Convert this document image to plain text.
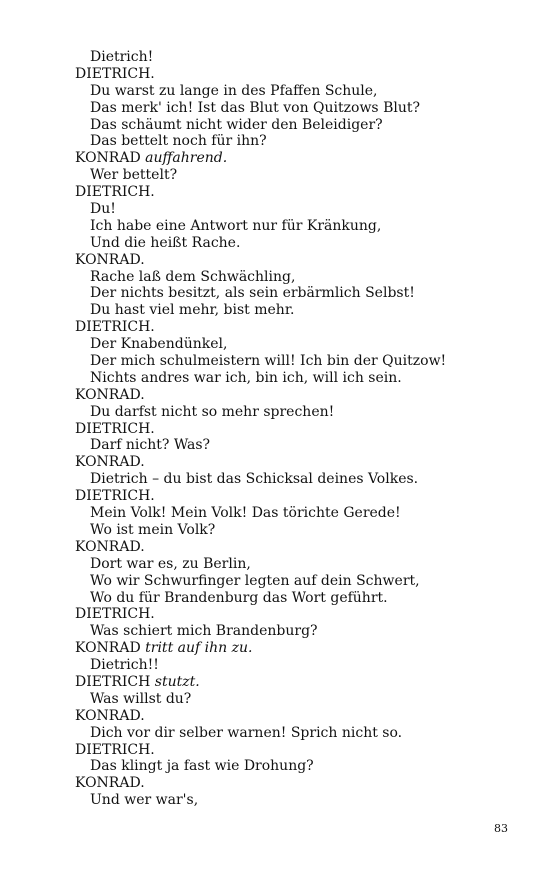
Dietrich!
DIETRICH.
Du warst zu lange in des Pfaffen Schule,
Das merk' ich! Ist das Blut von Quitzows Blut?
Das schäumt nicht wider den Beleidiger?
Das bettelt noch für ihn?
KONRAD auffahrend.
Wer bettelt?
DIETRICH.
Du!
Ich habe eine Antwort nur für Kränkung,
Und die heißt Rache.
KONRAD.
Rache laß dem Schwächling,
Der nichts besitzt, als sein erbärmlich Selbst!
Du hast viel mehr, bist mehr.
DIETRICH.
Der Knabendünkel,
Der mich schulmeistern will! Ich bin der Quitzow!
Nichts andres war ich, bin ich, will ich sein.
KONRAD.
Du darfst nicht so mehr sprechen!
DIETRICH.
Darf nicht? Was?
KONRAD.
Dietrich – du bist das Schicksal deines Volkes.
DIETRICH.
Mein Volk! Mein Volk! Das törichte Gerede!
Wo ist mein Volk?
KONRAD.
Dort war es, zu Berlin,
Wo wir Schwurfinger legten auf dein Schwert,
Wo du für Brandenburg das Wort geführt.
DIETRICH.
Was schiert mich Brandenburg?
KONRAD tritt auf ihn zu.
Dietrich!!
DIETRICH stutzt.
Was willst du?
KONRAD.
Dich vor dir selber warnen! Sprich nicht so.
DIETRICH.
Das klingt ja fast wie Drohung?
KONRAD.
Und wer war's,
83
